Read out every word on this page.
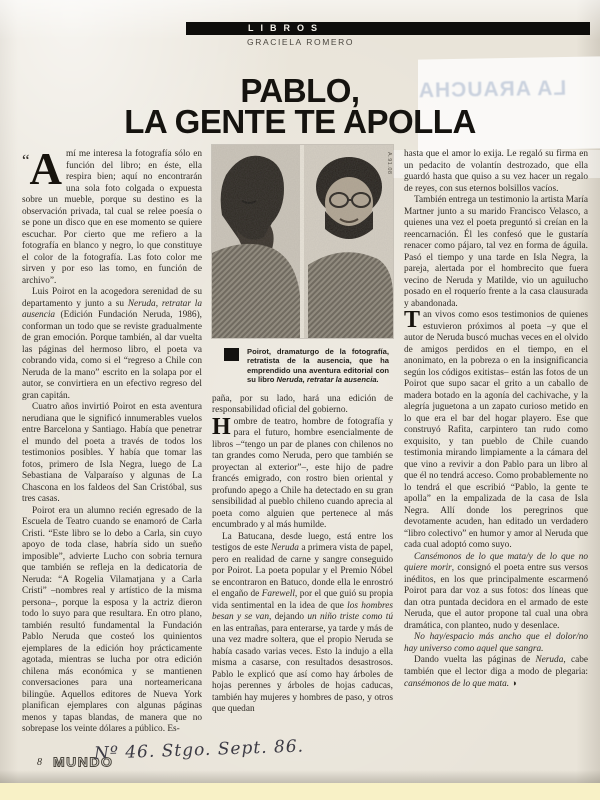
LA ARAUCHA
LIBROS
GRACIELA ROMERO
PABLO,
LA GENTE TE APOLLA

“A mí me interesa la fotografía sólo en función del libro; en éste, ella respira bien; aquí no encontrarán una sola foto colgada o expuesta sobre un mueble, porque su destino es la observación privada, tal cual se relee poesía o se pone un disco que en ese momento se quiere escuchar. Por cierto que me refiero a la fotografía en blanco y negro, lo que constituye el color de la fotografía. Las foto color me sirven y por eso las tomo, en función de archivo”.

Luis Poirot en la acogedora serenidad de su departamento y junto a su Neruda, retratar la ausencia (Edición Fundación Neruda, 1986), conforman un todo que se reviste gradualmente de gran emoción. Porque también, al dar vuelta las páginas del hermoso libro, el poeta va cobrando vida, como si el “regreso a Chile con Neruda de la mano” escrito en la solapa por el autor, se convirtiera en un efectivo regreso del gran capitán.

Cuatro años invirtió Poirot en esta aventura nerudiana que le significó innumerables vuelos entre Barcelona y Santiago. Había que penetrar el mundo del poeta a través de todos los testimonios posibles. Y había que tomar las fotos, primero de Isla Negra, luego de La Sebastiana de Valparaíso y algunas de La Chascona en los faldeos del San Cristóbal, sus tres casas.

Poirot era un alumno recién egresado de la Escuela de Teatro cuando se enamoró de Carla Cristi. “Este libro se lo debo a Carla, sin cuyo apoyo de toda clase, habría sido un sueño imposible”, advierte Lucho con sobria ternura que también se refleja en la dedicatoria de Neruda: “A Rogelia Vilamatjana y a Carla Cristi” –nombres real y artístico de la misma persona–, porque la esposa y la actriz dieron todo lo suyo para que resultara. En otro plano, también resultó fundamental la Fundación Pablo Neruda que costeó los quinientos ejemplares de la edición hoy prácticamente agotada, mientras se lucha por otra edición chilena más económica y se mantienen conversaciones para una norteamericana bilingüe. Aquellos editores de Nueva York planifican ejemplares con algunas páginas menos y tapas blandas, de manera que no sobrepase los veinte dólares a público. Es-

A.91.08
Poirot, dramaturgo de la fotografía, retratista de la ausencia, que ha emprendido una aventura editorial con su libro Neruda, retratar la ausencia.

paña, por su lado, hará una edición de responsabilidad oficial del gobierno.

Hombre de teatro, hombre de fotografía y para el futuro, hombre esencialmente de libros –“tengo un par de planes con chilenos no tan grandes como Neruda, pero que también se proyectan al exterior”–, este hijo de padre francés emigrado, con rostro bien oriental y profundo apego a Chile ha detectado en su gran sensibilidad al pueblo chileno cuando aprecia al poeta como alguien que pertenece al más encumbrado y al más humilde.

La Batucana, desde luego, está entre los testigos de este Neruda a primera vista de papel, pero en realidad de carne y sangre conseguido por Poirot. La poeta popular y el Premio Nóbel se encontraron en Batuco, donde ella le enrostró el engaño de Farewell, por el que guió su propia vida sentimental en la idea de que los hombres besan y se van, dejando un niño triste como tú en las entrañas, para enterarse, ya tarde y más de una vez madre soltera, que el propio Neruda se había casado varias veces. Esto la indujo a ella misma a casarse, con resultados desastrosos. Pablo le explicó que así como hay árboles de hojas perennes y árboles de hojas caducas, también hay mujeres y hombres de paso, y otros que quedan

hasta que el amor lo exija. Le regaló su firma en un pedacito de volantín destrozado, que ella guardó hasta que quiso a su vez hacer un regalo de reyes, con sus eternos bolsillos vacíos.

También entrega un testimonio la artista María Martner junto a su marido Francisco Velasco, a quienes una vez el poeta preguntó si creían en la reencarnación. Él les confesó que le gustaría renacer como pájaro, tal vez en forma de águila. Pasó el tiempo y una tarde en Isla Negra, la pareja, alertada por el hombrecito que fuera vecino de Neruda y Matilde, vio un aguilucho posado en el roquerío frente a la casa clausurada y abandonada.

Tan vivos como esos testimonios de quienes estuvieron próximos al poeta –y que el autor de Neruda buscó muchas veces en el olvido de amigos perdidos en el tiempo, en el anonimato, en la pobreza o en la insignificancia según los códigos exitistas– están las fotos de un Poirot que supo sacar el grito a un caballo de madera botado en la agonía del cachivache, y la alegría juguetona a un zapato curioso metido en lo que era el bar del hogar playero. Ese que construyó Rafita, carpintero tan rudo como exquisito, y tan pueblo de Chile cuando testimonia mirando limpiamente a la cámara del que vino a revivir a don Pablo para un libro al que él no tendrá acceso. Como probablemente no lo tendrá el que escribió “Pablo, la gente te apolla” en la empalizada de la casa de Isla Negra. Allí donde los peregrinos que devotamente acuden, han editado un verdadero “libro colectivo” en humor y amor al Neruda que cada cual adoptó como suyo.

Cansémonos de lo que mata/y de lo que no quiere morir, consignó el poeta entre sus versos inéditos, en los que principalmente escarmenó Poirot para dar voz a sus fotos: dos líneas que dan otra puntada decidora en el armado de este Neruda, que el autor propone tal cual una obra dramática, con planteo, nudo y desenlace.

No hay/espacio más ancho que el dolor/no hay universo como aquel que sangra.

Dando vuelta las páginas de Neruda, cabe también que el lector diga a modo de plegaria: cansémonos de lo que mata. ◑

8 MUNDO
Nº 46. Stgo. Sept. 86.
